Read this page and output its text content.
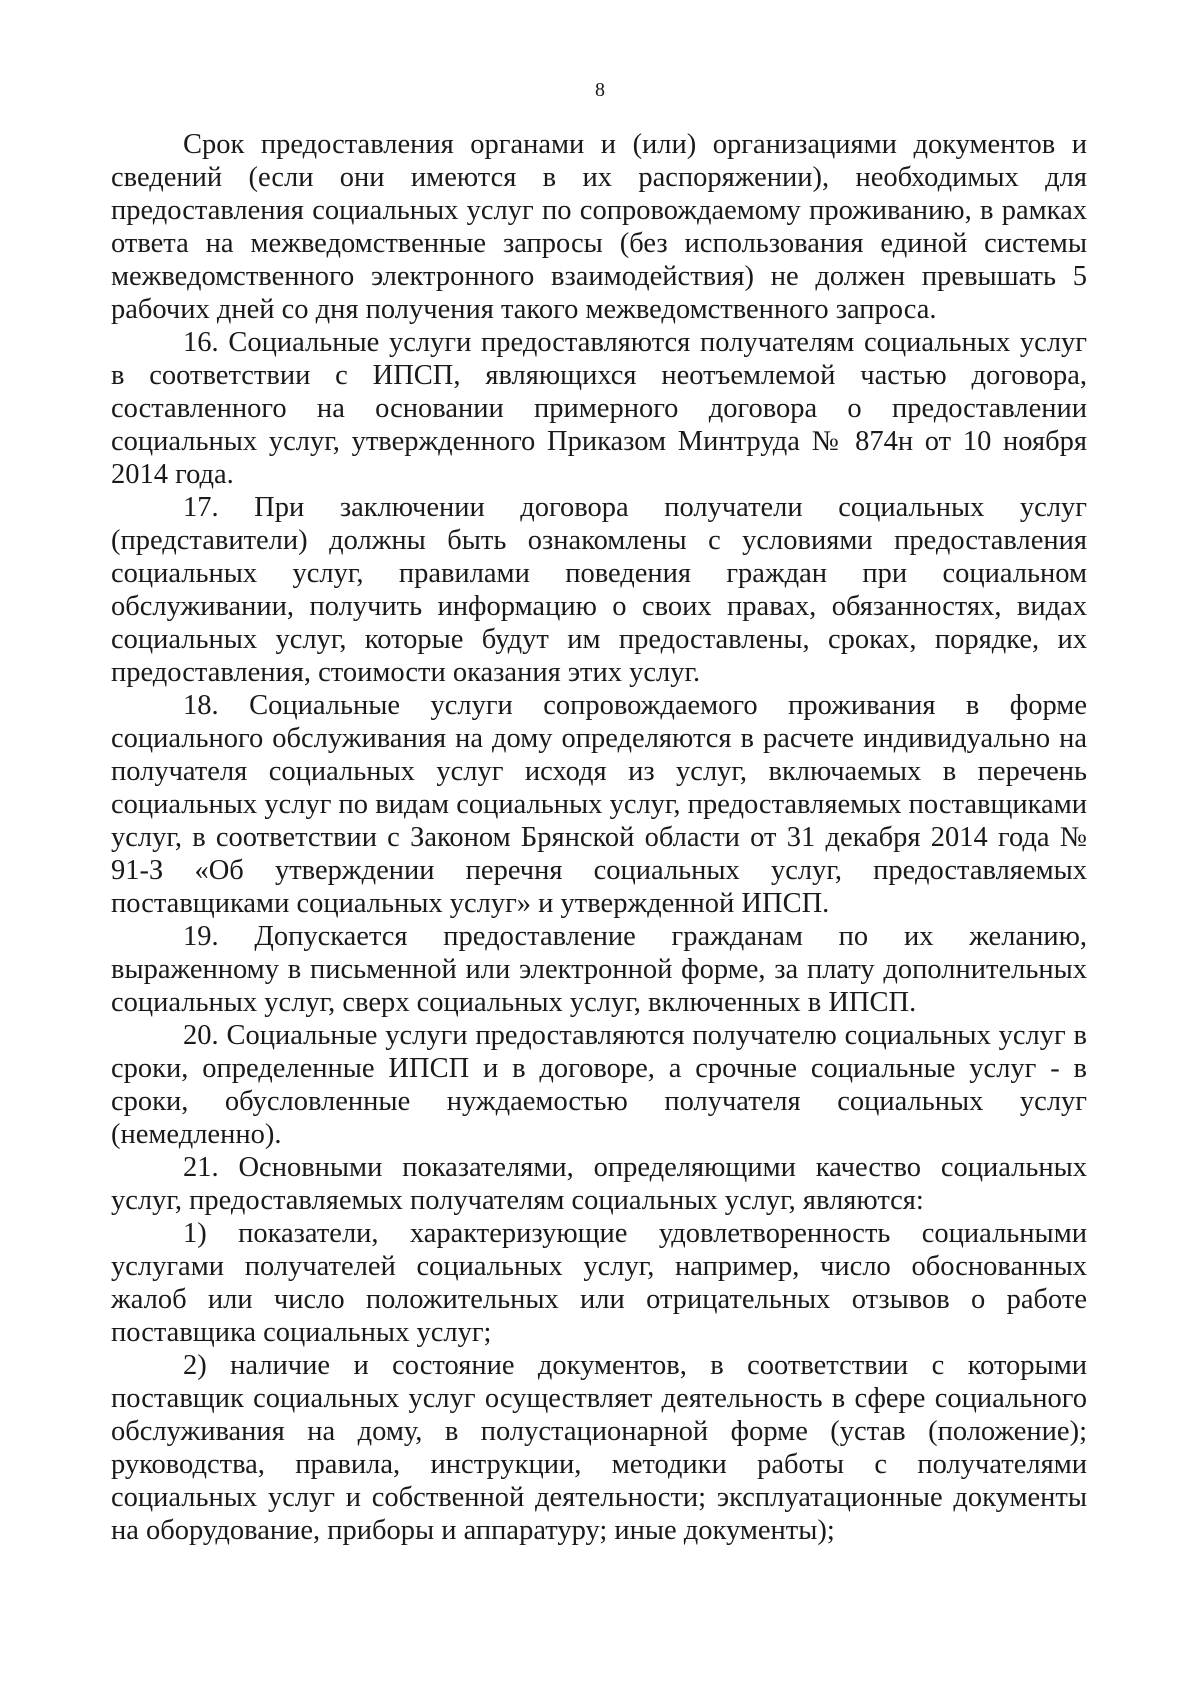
8

Срок предоставления органами и (или) организациями документов и сведений (если они имеются в их распоряжении), необходимых для предоставления социальных услуг по сопровождаемому проживанию, в рамках ответа на межведомственные запросы (без использования единой системы межведомственного электронного взаимодействия) не должен превышать 5 рабочих дней со дня получения такого межведомственного запроса.

16. Социальные услуги предоставляются получателям социальных услуг в соответствии с ИПСП, являющихся неотъемлемой частью договора, составленного на основании примерного договора о предоставлении социальных услуг, утвержденного Приказом Минтруда № 874н от 10 ноября 2014 года.

17. При заключении договора получатели социальных услуг (представители) должны быть ознакомлены с условиями предоставления социальных услуг, правилами поведения граждан при социальном обслуживании, получить информацию о своих правах, обязанностях, видах социальных услуг, которые будут им предоставлены, сроках, порядке, их предоставления, стоимости оказания этих услуг.

18. Социальные услуги сопровождаемого проживания в форме социального обслуживания на дому определяются в расчете индивидуально на получателя социальных услуг исходя из услуг, включаемых в перечень социальных услуг по видам социальных услуг, предоставляемых поставщиками услуг, в соответствии с Законом Брянской области от 31 декабря 2014 года № 91-З «Об утверждении перечня социальных услуг, предоставляемых поставщиками социальных услуг» и утвержденной ИПСП.

19. Допускается предоставление гражданам по их желанию, выраженному в письменной или электронной форме, за плату дополнительных социальных услуг, сверх социальных услуг, включенных в ИПСП.

20. Социальные услуги предоставляются получателю социальных услуг в сроки, определенные ИПСП и в договоре, а срочные социальные услуг - в сроки, обусловленные нуждаемостью получателя социальных услуг (немедленно).

21. Основными показателями, определяющими качество социальных услуг, предоставляемых получателям социальных услуг, являются:

1) показатели, характеризующие удовлетворенность социальными услугами получателей социальных услуг, например, число обоснованных жалоб или число положительных или отрицательных отзывов о работе поставщика социальных услуг;

2) наличие и состояние документов, в соответствии с которыми поставщик социальных услуг осуществляет деятельность в сфере социального обслуживания на дому, в полустационарной форме (устав (положение); руководства, правила, инструкции, методики работы с получателями социальных услуг и собственной деятельности; эксплуатационные документы на оборудование, приборы и аппаратуру; иные документы);
